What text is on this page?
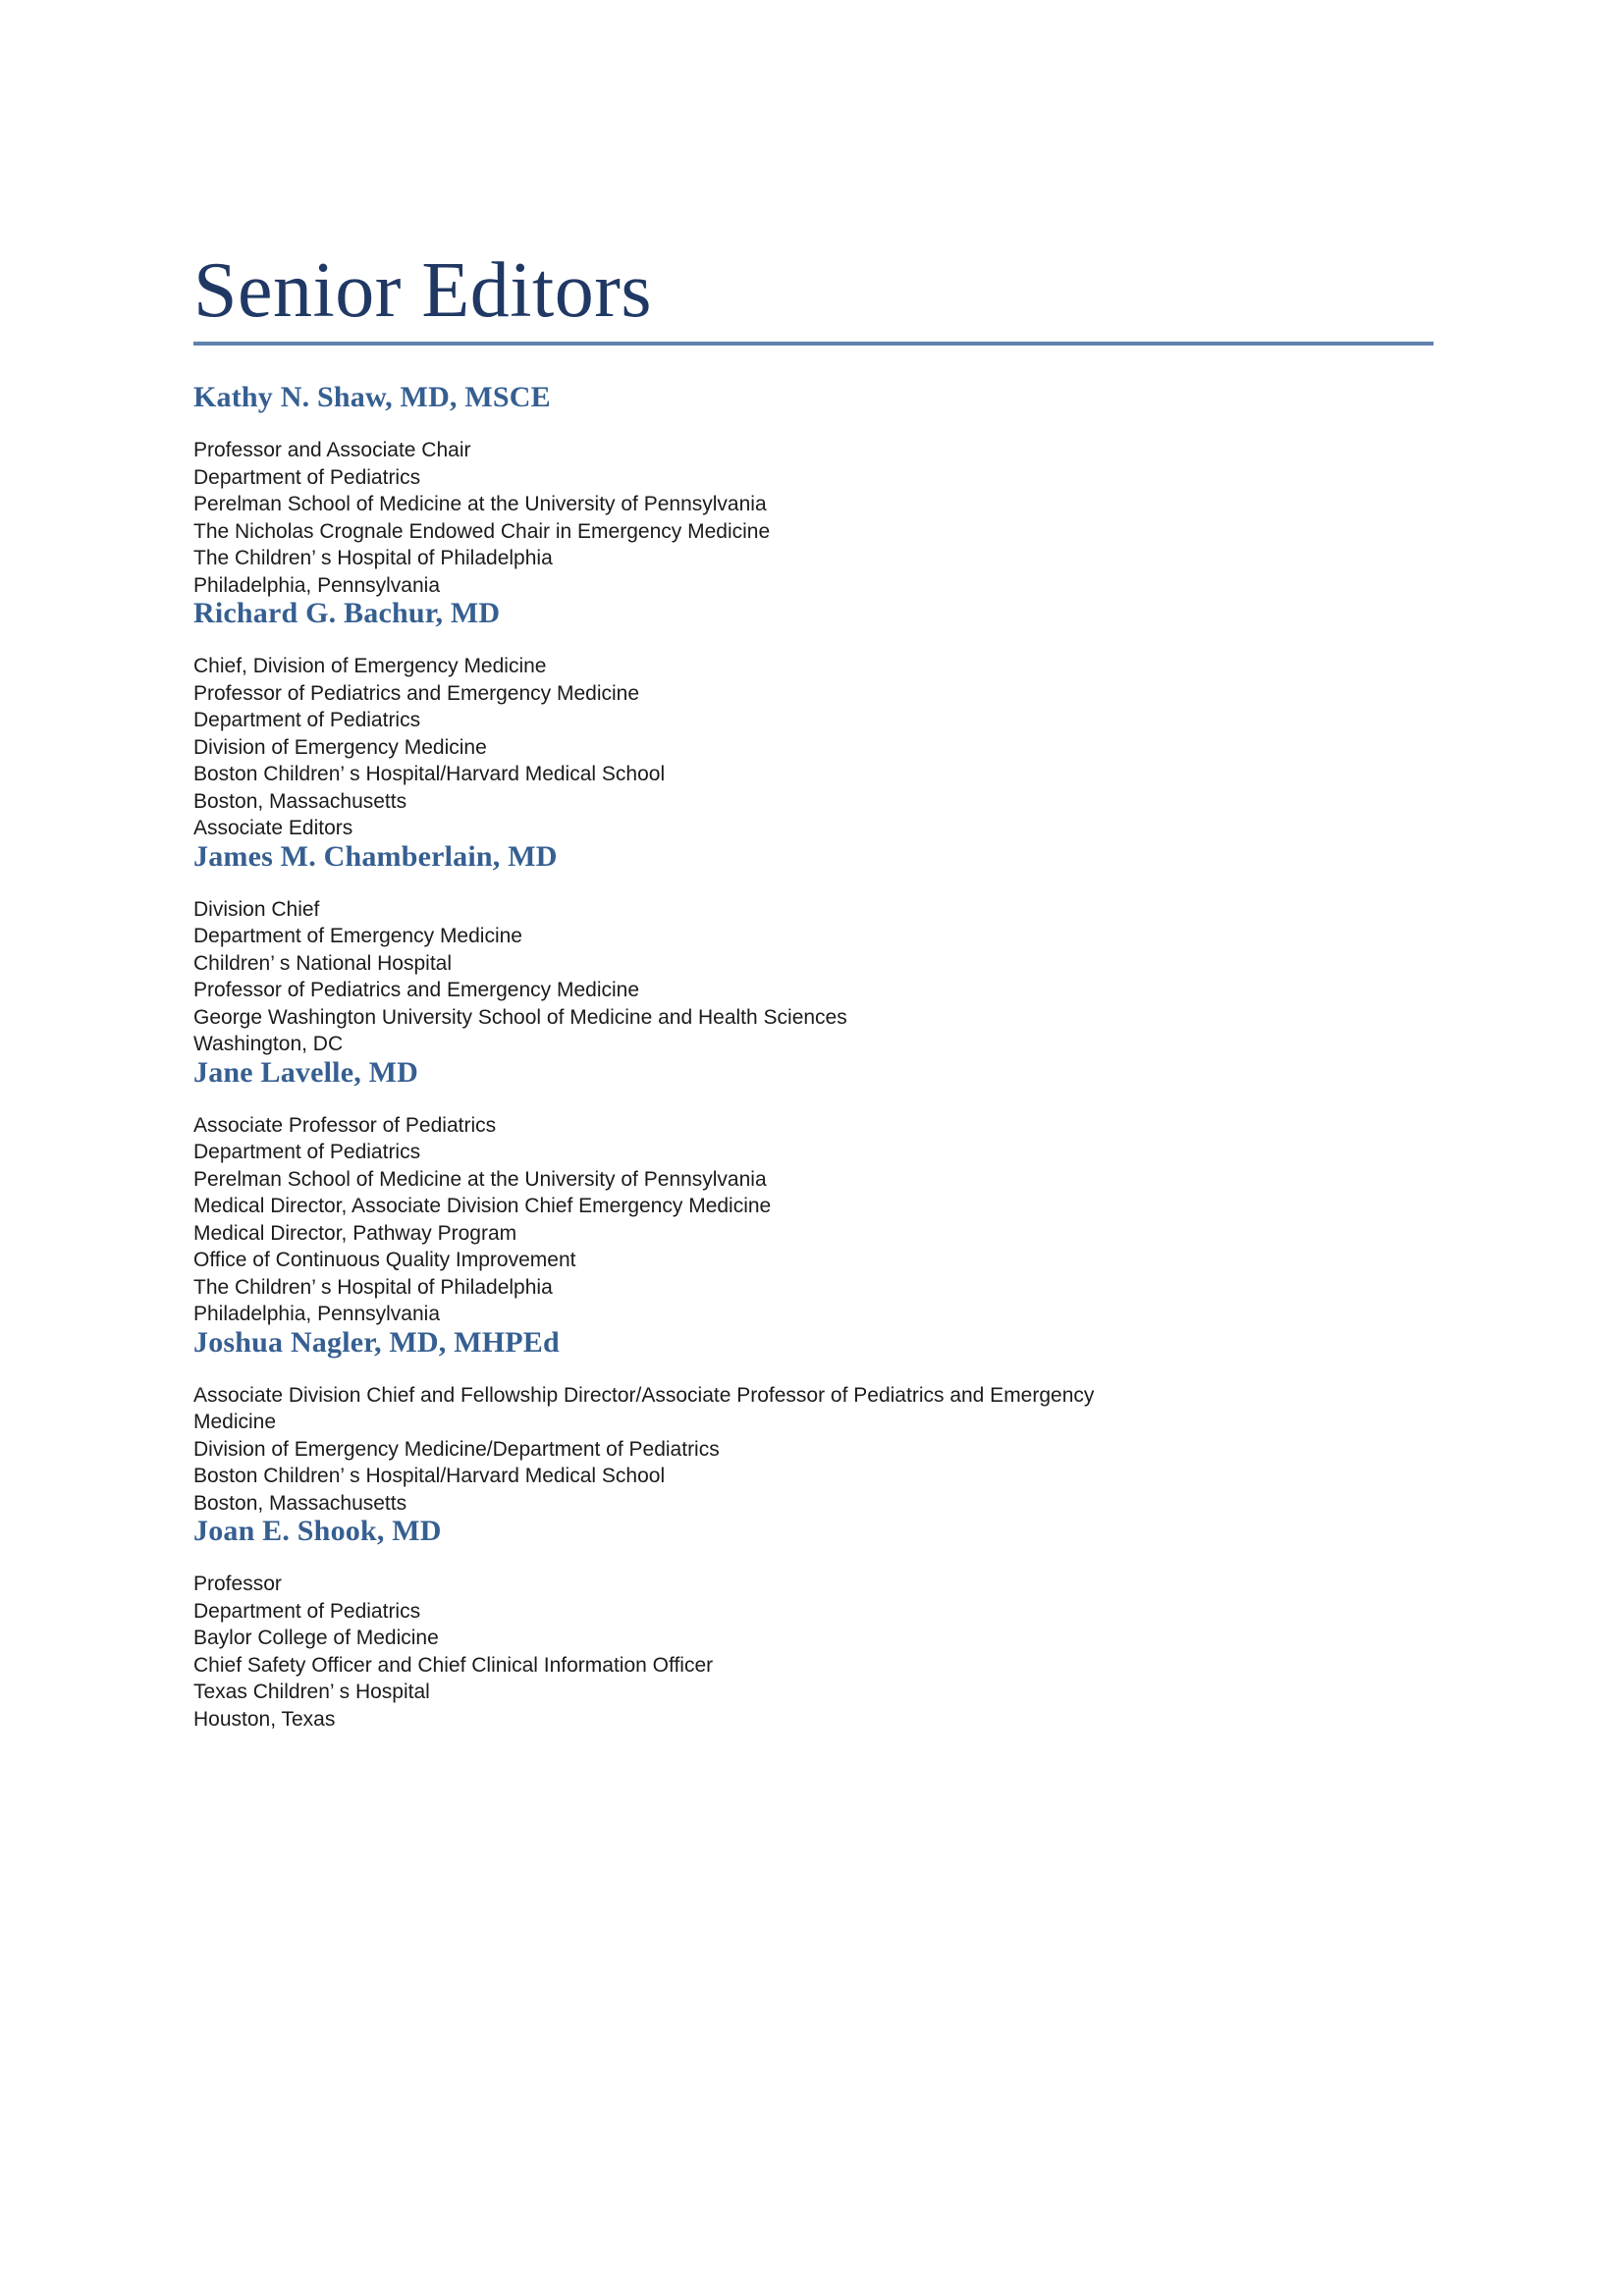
Senior Editors
Kathy N. Shaw, MD, MSCE
Professor and Associate Chair
Department of Pediatrics
Perelman School of Medicine at the University of Pennsylvania
The Nicholas Crognale Endowed Chair in Emergency Medicine
The Children’ s Hospital of Philadelphia
Philadelphia, Pennsylvania
Richard G. Bachur, MD
Chief, Division of Emergency Medicine
Professor of Pediatrics and Emergency Medicine
Department of Pediatrics
Division of Emergency Medicine
Boston Children’ s Hospital/Harvard Medical School
Boston, Massachusetts
Associate Editors
James M. Chamberlain, MD
Division Chief
Department of Emergency Medicine
Children’ s National Hospital
Professor of Pediatrics and Emergency Medicine
George Washington University School of Medicine and Health Sciences
Washington, DC
Jane Lavelle, MD
Associate Professor of Pediatrics
Department of Pediatrics
Perelman School of Medicine at the University of Pennsylvania
Medical Director, Associate Division Chief Emergency Medicine
Medical Director, Pathway Program
Office of Continuous Quality Improvement
The Children’ s Hospital of Philadelphia
Philadelphia, Pennsylvania
Joshua Nagler, MD, MHPEd
Associate Division Chief and Fellowship Director/Associate Professor of Pediatrics and Emergency
Medicine
Division of Emergency Medicine/Department of Pediatrics
Boston Children’ s Hospital/Harvard Medical School
Boston, Massachusetts
Joan E. Shook, MD
Professor
Department of Pediatrics
Baylor College of Medicine
Chief Safety Officer and Chief Clinical Information Officer
Texas Children’ s Hospital
Houston, Texas
